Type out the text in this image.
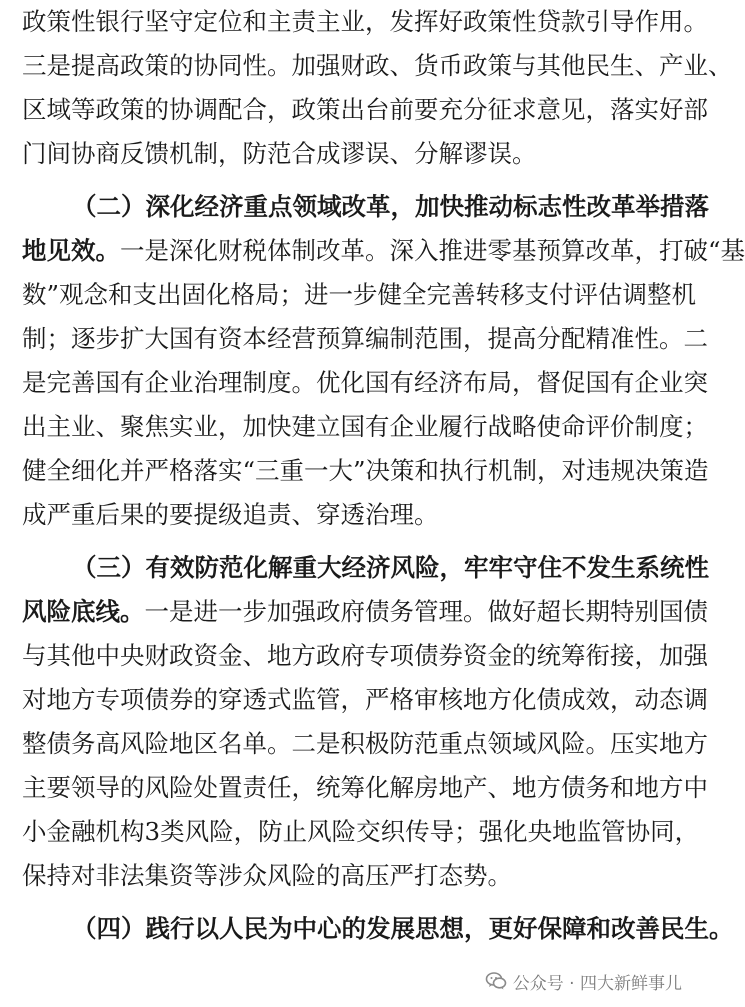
政策性银行坚守定位和主责主业，发挥好政策性贷款引导作用。
三是提高政策的协同性。加强财政、货币政策与其他民生、产业、
区域等政策的协调配合，政策出台前要充分征求意见，落实好部
门间协商反馈机制，防范合成谬误、分解谬误。
（二）深化经济重点领域改革，加快推动标志性改革举措落
地见效。一是深化财税体制改革。深入推进零基预算改革，打破“基
数”观念和支出固化格局；进一步健全完善转移支付评估调整机
制；逐步扩大国有资本经营预算编制范围，提高分配精准性。二
是完善国有企业治理制度。优化国有经济布局，督促国有企业突
出主业、聚焦实业，加快建立国有企业履行战略使命评价制度；
健全细化并严格落实“三重一大”决策和执行机制，对违规决策造
成严重后果的要提级追责、穿透治理。
（三）有效防范化解重大经济风险，牢牢守住不发生系统性
风险底线。一是进一步加强政府债务管理。做好超长期特别国债
与其他中央财政资金、地方政府专项债券资金的统筹衔接，加强
对地方专项债券的穿透式监管，严格审核地方化债成效，动态调
整债务高风险地区名单。二是积极防范重点领域风险。压实地方
主要领导的风险处置责任，统筹化解房地产、地方债务和地方中
小金融机构3类风险，防止风险交织传导；强化央地监管协同，
保持对非法集资等涉众风险的高压严打态势。
（四）践行以人民为中心的发展思想，更好保障和改善民生。
公众号 · 四大新鲜事儿
